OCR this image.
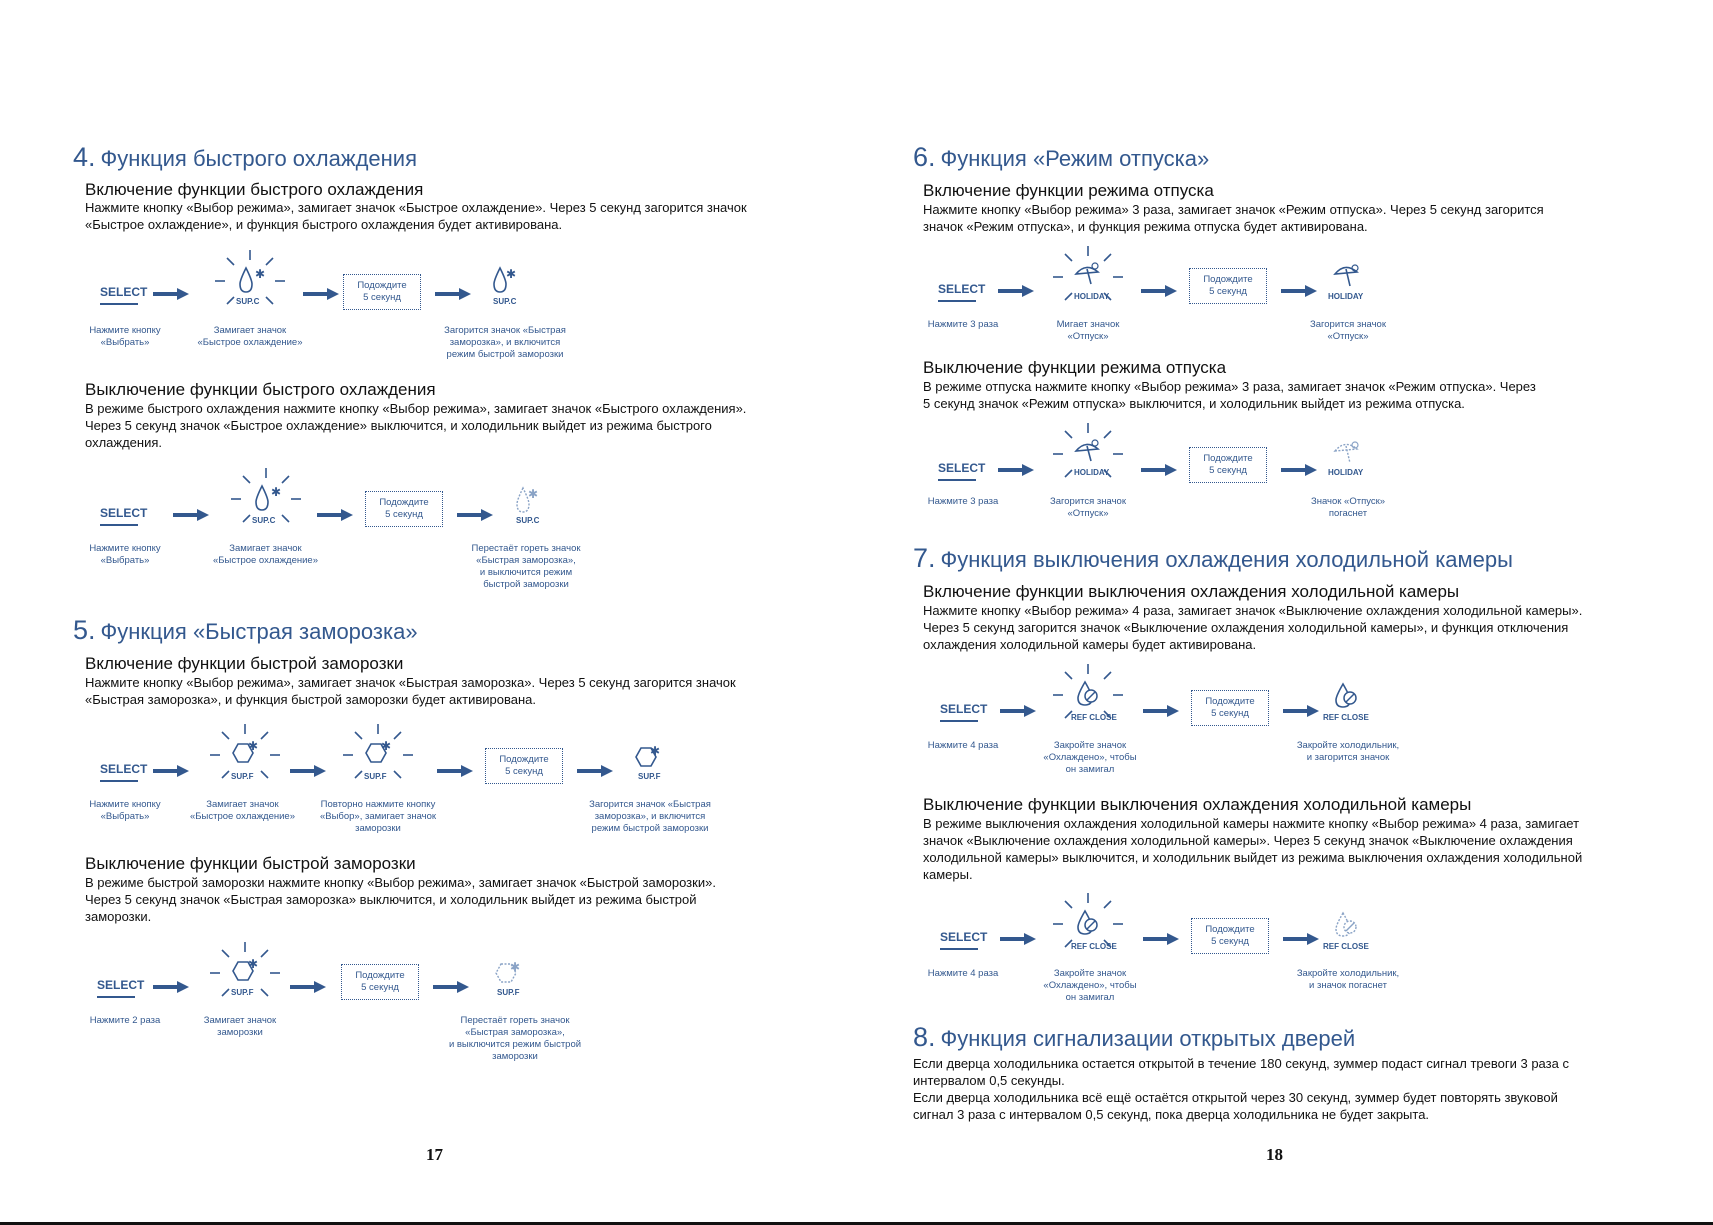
4. Функция быстрого охлаждения
Включение функции быстрого охлаждения
Нажмите кнопку «Выбор режима», замигает значок «Быстрое охлаждение». Через 5 секунд загорится значок
«Быстрое охлаждение», и функция быстрого охлаждения будет активирована.
SELECT
✱
SUP.C
Подождите
5 секунд
✱
SUP.C
Нажмите кнопку
«Выбрать»
Замигает значок
«Быстрое охлаждение»
Загорится значок «Быстрая
заморозка», и включится
режим быстрой заморозки
Выключение функции быстрого охлаждения
В режиме быстрого охлаждения нажмите кнопку «Выбор режима», замигает значок «Быстрого охлаждения».
Через 5 секунд значок «Быстрое охлаждение» выключится, и холодильник выйдет из режима быстрого
охлаждения.
SELECT
✱
SUP.C
Подождите
5 секунд
✱
SUP.C
Нажмите кнопку
«Выбрать»
Замигает значок
«Быстрое охлаждение»
Перестаёт гореть значок
«Быстрая заморозка»,
и выключится режим
быстрой заморозки
5. Функция «Быстрая заморозка»
Включение функции быстрой заморозки
Нажмите кнопку «Выбор режима», замигает значок «Быстрая заморозка». Через 5 секунд загорится значок
«Быстрая заморозка», и функция быстрой заморозки будет активирована.
SELECT
✱
SUP.F
✱
SUP.F
Подождите
5 секунд
✱
SUP.F
Нажмите кнопку
«Выбрать»
Замигает значок
«Быстрое охлаждение»
Повторно нажмите кнопку
«Выбор», замигает значок
заморозки
Загорится значок «Быстрая
заморозка», и включится
режим быстрой заморозки
Выключение функции быстрой заморозки
В режиме быстрой заморозки нажмите кнопку «Выбор режима», замигает значок «Быстрой заморозки».
Через 5 секунд значок «Быстрая заморозка» выключится, и холодильник выйдет из режима быстрой
заморозки.
SELECT
✱
SUP.F
Подождите
5 секунд
✱
SUP.F
Нажмите 2 раза	Замигает значок
заморозки
Перестаёт гореть значок
«Быстрая заморозка»,
и выключится режим быстрой
заморозки
17
6. Функция «Режим отпуска»
Включение функции режима отпуска
Нажмите кнопку «Выбор режима» 3 раза, замигает значок «Режим отпуска». Через 5 секунд загорится
значок «Режим отпуска», и функция режима отпуска будет активирована.
SELECT
HOLIDAY
Подождите
5 секунд	HOLIDAY
Нажмите 3 раза	Мигает значок
«Отпуск»
Загорится значок
«Отпуск»
Выключение функции режима отпуска
В режиме отпуска нажмите кнопку «Выбор режима» 3 раза, замигает значок «Режим отпуска». Через
5 секунд значок «Режим отпуска» выключится, и холодильник выйдет из режима отпуска.
SELECT	HOLIDAY
Подождите
5 секунд	HOLIDAY
Нажмите 3 раза	Загорится значок
«Отпуск»
Значок «Отпуск»
погаснет
7. Функция выключения охлаждения холодильной камеры
Включение функции выключения охлаждения холодильной камеры
Нажмите кнопку «Выбор режима» 4 раза, замигает значок «Выключение охлаждения холодильной камеры».
Через 5 секунд загорится значок «Выключение охлаждения холодильной камеры», и функция отключения
охлаждения холодильной камеры будет активирована.
SELECT
REF CLOSE
Подождите
5 секунд	REF CLOSE
Нажмите 4 раза	Закройте значок
«Охлаждено», чтобы
он замигал
Закройте холодильник,
и загорится значок
Выключение функции выключения охлаждения холодильной камеры
В режиме выключения охлаждения холодильной камеры нажмите кнопку «Выбор режима» 4 раза, замигает
значок «Выключение охлаждения холодильной камеры». Через 5 секунд значок «Выключение охлаждения
холодильной камеры» выключится, и холодильник выйдет из режима выключения охлаждения холодильной
камеры.
SELECT
REF CLOSE
Подождите
5 секунд	REF CLOSE
Нажмите 4 раза	Закройте значок
«Охлаждено», чтобы
он замигал
Закройте холодильник,
и значок погаснет
8. Функция сигнализации открытых дверей
Если дверца холодильника остается открытой в течение 180 секунд, зуммер подаст сигнал тревоги 3 раза с
интервалом 0,5 секунды.
Если дверца холодильника всё ещё остаётся открытой через 30 секунд, зуммер будет повторять звуковой
сигнал 3 раза с интервалом 0,5 секунд, пока дверца холодильника не будет закрыта.
18
